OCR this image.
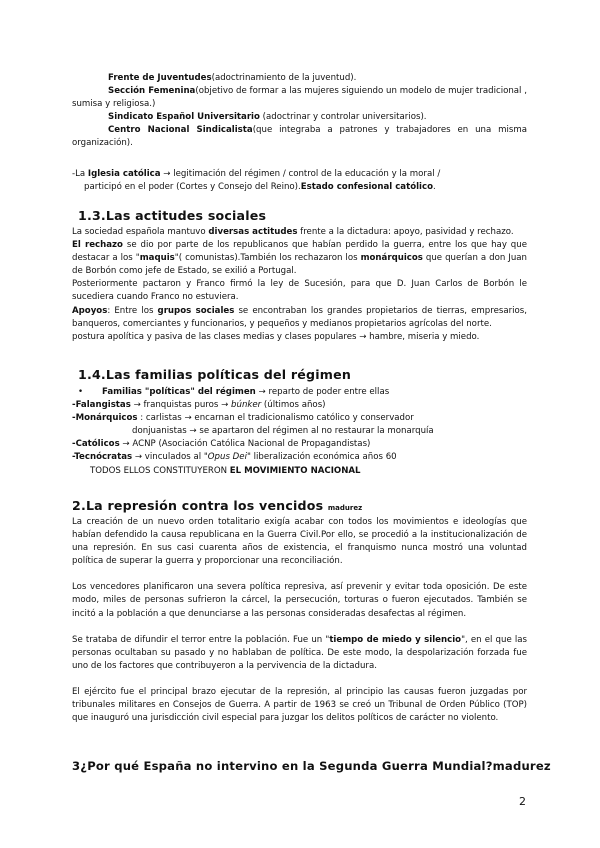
Frente de Juventudes(adoctrinamiento de la juventud).

Sección Femenina(objetivo de formar a las mujeres siguiendo un modelo de mujer tradicional , sumisa y religiosa.)

Sindicato Español Universitario (adoctrinar y controlar universitarios).

Centro Nacional Sindicalista(que integraba a patrones y trabajadores en una misma organización).

-La Iglesia católica → legitimación del régimen / control de la educación y la moral /

participó en el poder (Cortes y Consejo del Reino).Estado confesional católico.

1.3.Las actitudes sociales

La sociedad española mantuvo diversas actitudes frente a la dictadura: apoyo, pasividad y rechazo.

El rechazo se dio por parte de los republicanos que habían perdido la guerra, entre los que hay que destacar a los "maquis"( comunistas).También los rechazaron los monárquicos que querían a don Juan de Borbón como jefe de Estado, se exilió a Portugal.

Posteriormente pactaron y Franco firmó la ley de Sucesión, para que D. Juan Carlos de Borbón le sucediera cuando Franco no estuviera.

Apoyos: Entre los grupos sociales se encontraban los grandes propietarios de tierras, empresarios, banqueros, comerciantes y funcionarios, y pequeños y medianos propietarios agrícolas del norte.

postura apolítica y pasiva de las clases medias y clases populares → hambre, miseria y miedo.

1.4.Las familias políticas del régimen

• Familias "políticas" del régimen → reparto de poder entre ellas

-Falangistas → franquistas puros → búnker (últimos años)

-Monárquicos : carlistas → encarnan el tradicionalismo católico y conservador

donjuanistas → se apartaron del régimen al no restaurar la monarquía

-Católicos → ACNP (Asociación Católica Nacional de Propagandistas)

-Tecnócratas → vinculados al "Opus Dei" liberalización económica años 60

TODOS ELLOS CONSTITUYERON EL MOVIMIENTO NACIONAL

2.La represión contra los vencidos madurez

La creación de un nuevo orden totalitario exigía acabar con todos los movimientos e ideologías que habían defendido la causa republicana en la Guerra Civil.Por ello, se procedió a la institucionalización de una represión. En sus casi cuarenta años de existencia, el franquismo nunca mostró una voluntad política de superar la guerra y proporcionar una reconciliación.

Los vencedores planificaron una severa política represiva, así prevenir y evitar toda oposición. De este modo, miles de personas sufrieron la cárcel, la persecución, torturas o fueron ejecutados. También se incitó a la población a que denunciarse a las personas consideradas desafectas al régimen.

Se trataba de difundir el terror entre la población. Fue un "tiempo de miedo y silencio", en el que las personas ocultaban su pasado y no hablaban de política. De este modo, la despolarización forzada fue uno de los factores que contribuyeron a la pervivencia de la dictadura.

El ejército fue el principal brazo ejecutar de la represión, al principio las causas fueron juzgadas por tribunales militares en Consejos de Guerra. A partir de 1963 se creó un Tribunal de Orden Público (TOP) que inauguró una jurisdicción civil especial para juzgar los delitos políticos de carácter no violento.

3¿Por qué España no intervino en la Segunda Guerra Mundial?madurez
2
